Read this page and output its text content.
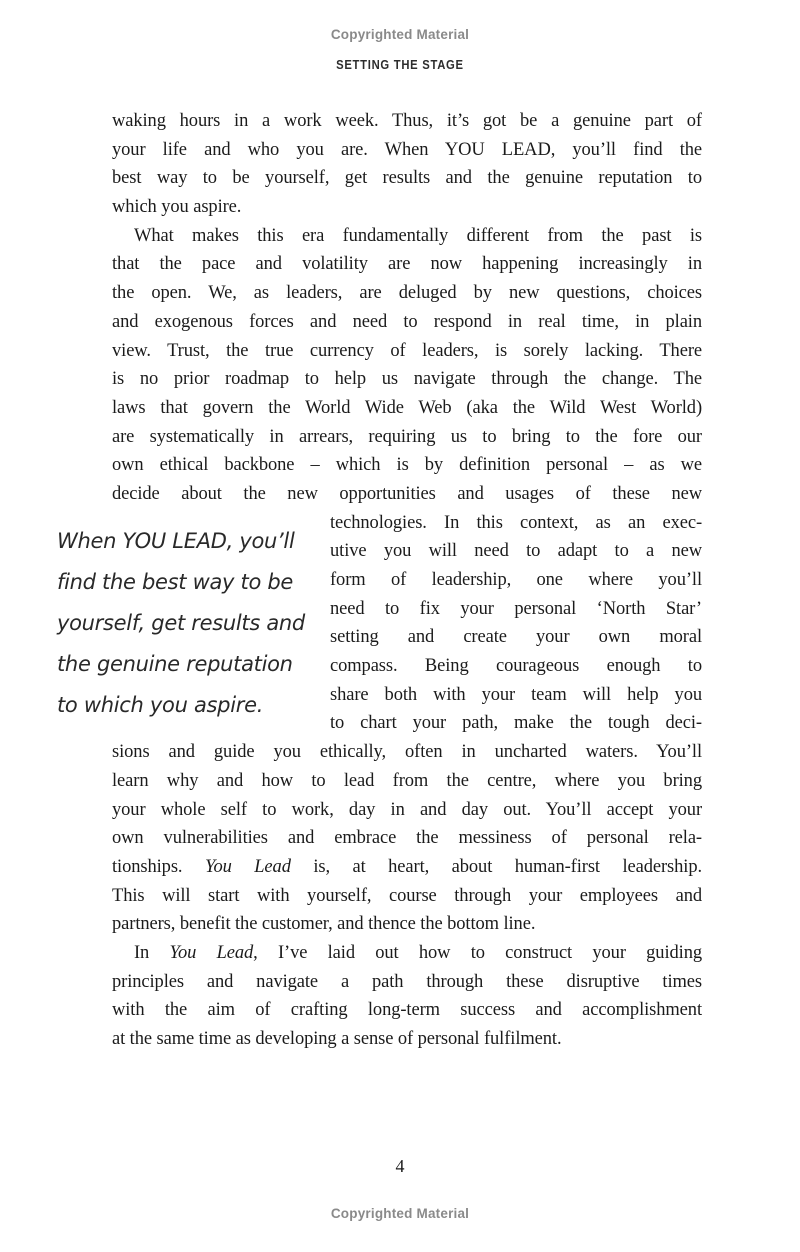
Copyrighted Material
SETTING THE STAGE
waking hours in a work week. Thus, it’s got be a genuine part of
your life and who you are. When YOU LEAD, you’ll find the
best way to be yourself, get results and the genuine reputation to
which you aspire.
What makes this era fundamentally different from the past is
that the pace and volatility are now happening increasingly in
the open. We, as leaders, are deluged by new questions, choices
and exogenous forces and need to respond in real time, in plain
view. Trust, the true currency of leaders, is sorely lacking. There
is no prior roadmap to help us navigate through the change. The
laws that govern the World Wide Web (aka the Wild West World)
are systematically in arrears, requiring us to bring to the fore our
own ethical backbone – which is by definition personal – as we
decide about the new opportunities and usages of these new
technologies. In this context, as an exec-
utive you will need to adapt to a new
form of leadership, one where you’ll
need to fix your personal ‘North Star’
setting and create your own moral
compass. Being courageous enough to
share both with your team will help you
to chart your path, make the tough deci-
sions and guide you ethically, often in uncharted waters. You’ll
learn why and how to lead from the centre, where you bring
your whole self to work, day in and day out. You’ll accept your
own vulnerabilities and embrace the messiness of personal rela-
tionships. You Lead is, at heart, about human-first leadership.
This will start with yourself, course through your employees and
partners, benefit the customer, and thence the bottom line.
In You Lead, I’ve laid out how to construct your guiding
principles and navigate a path through these disruptive times
with the aim of crafting long-term success and accomplishment
at the same time as developing a sense of personal fulfilment.
When YOU LEAD, you’ll
find the best way to be
yourself, get results and
the genuine reputation
to which you aspire.
4
Copyrighted Material
